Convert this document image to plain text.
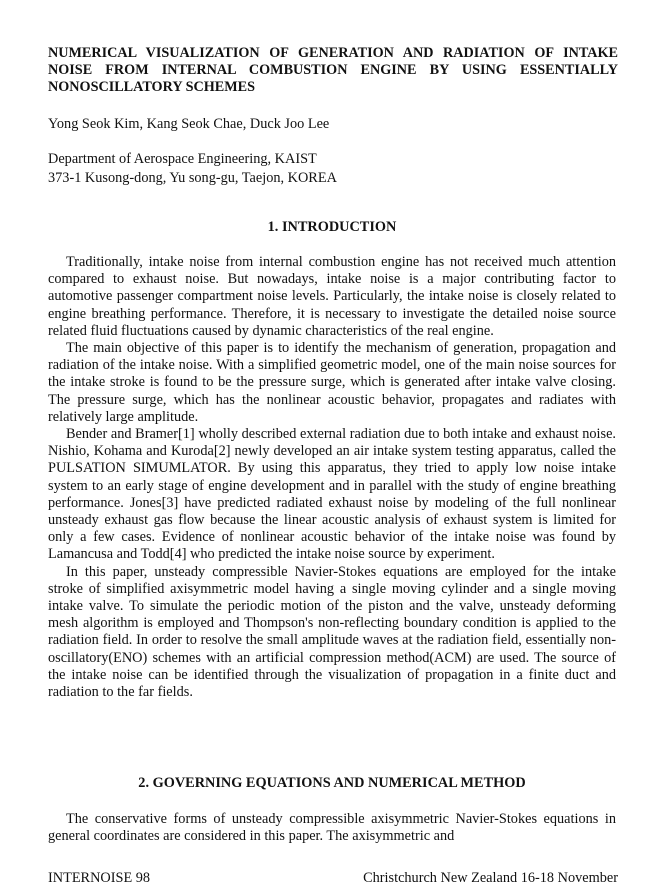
NUMERICAL VISUALIZATION OF GENERATION AND RADIATION OF INTAKE NOISE FROM INTERNAL COMBUSTION ENGINE BY USING ESSENTIALLY NONOSCILLATORY SCHEMES
Yong Seok Kim, Kang Seok Chae, Duck Joo Lee
Department of Aerospace Engineering, KAIST
373-1 Kusong-dong, Yu song-gu, Taejon, KOREA
1. INTRODUCTION

Traditionally, intake noise from internal combustion engine has not received much attention compared to exhaust noise. But nowadays, intake noise is a major contributing factor to automotive passenger compartment noise levels. Particularly, the intake noise is closely related to engine breathing performance. Therefore, it is necessary to investigate the detailed noise source related fluid fluctuations caused by dynamic characteristics of the real engine.

The main objective of this paper is to identify the mechanism of generation, propagation and radiation of the intake noise. With a simplified geometric model, one of the main noise sources for the intake stroke is found to be the pressure surge, which is generated after intake valve closing. The pressure surge, which has the nonlinear acoustic behavior, propagates and radiates with relatively large amplitude.

Bender and Bramer[1] wholly described external radiation due to both intake and exhaust noise. Nishio, Kohama and Kuroda[2] newly developed an air intake system testing apparatus, called the PULSATION SIMUMLATOR. By using this apparatus, they tried to apply low noise intake system to an early stage of engine development and in parallel with the study of engine breathing performance. Jones[3] have predicted radiated exhaust noise by modeling of the full nonlinear unsteady exhaust gas flow because the linear acoustic analysis of exhaust system is limited for only a few cases. Evidence of nonlinear acoustic behavior of the intake noise was found by Lamancusa and Todd[4] who predicted the intake noise source by experiment.

In this paper, unsteady compressible Navier-Stokes equations are employed for the intake stroke of simplified axisymmetric model having a single moving cylinder and a single moving intake valve. To simulate the periodic motion of the piston and the valve, unsteady deforming mesh algorithm is employed and Thompson's non-reflecting boundary condition is applied to the radiation field. In order to resolve the small amplitude waves at the radiation field, essentially non-oscillatory(ENO) schemes with an artificial compression method(ACM) are used. The source of the intake noise can be identified through the visualization of propagation in a finite duct and radiation to the far fields.

2. GOVERNING EQUATIONS AND NUMERICAL METHOD

The conservative forms of unsteady compressible axisymmetric Navier-Stokes equations in general coordinates are considered in this paper. The axisymmetric and

INTERNOISE 98	Christchurch New Zealand 16-18 November
